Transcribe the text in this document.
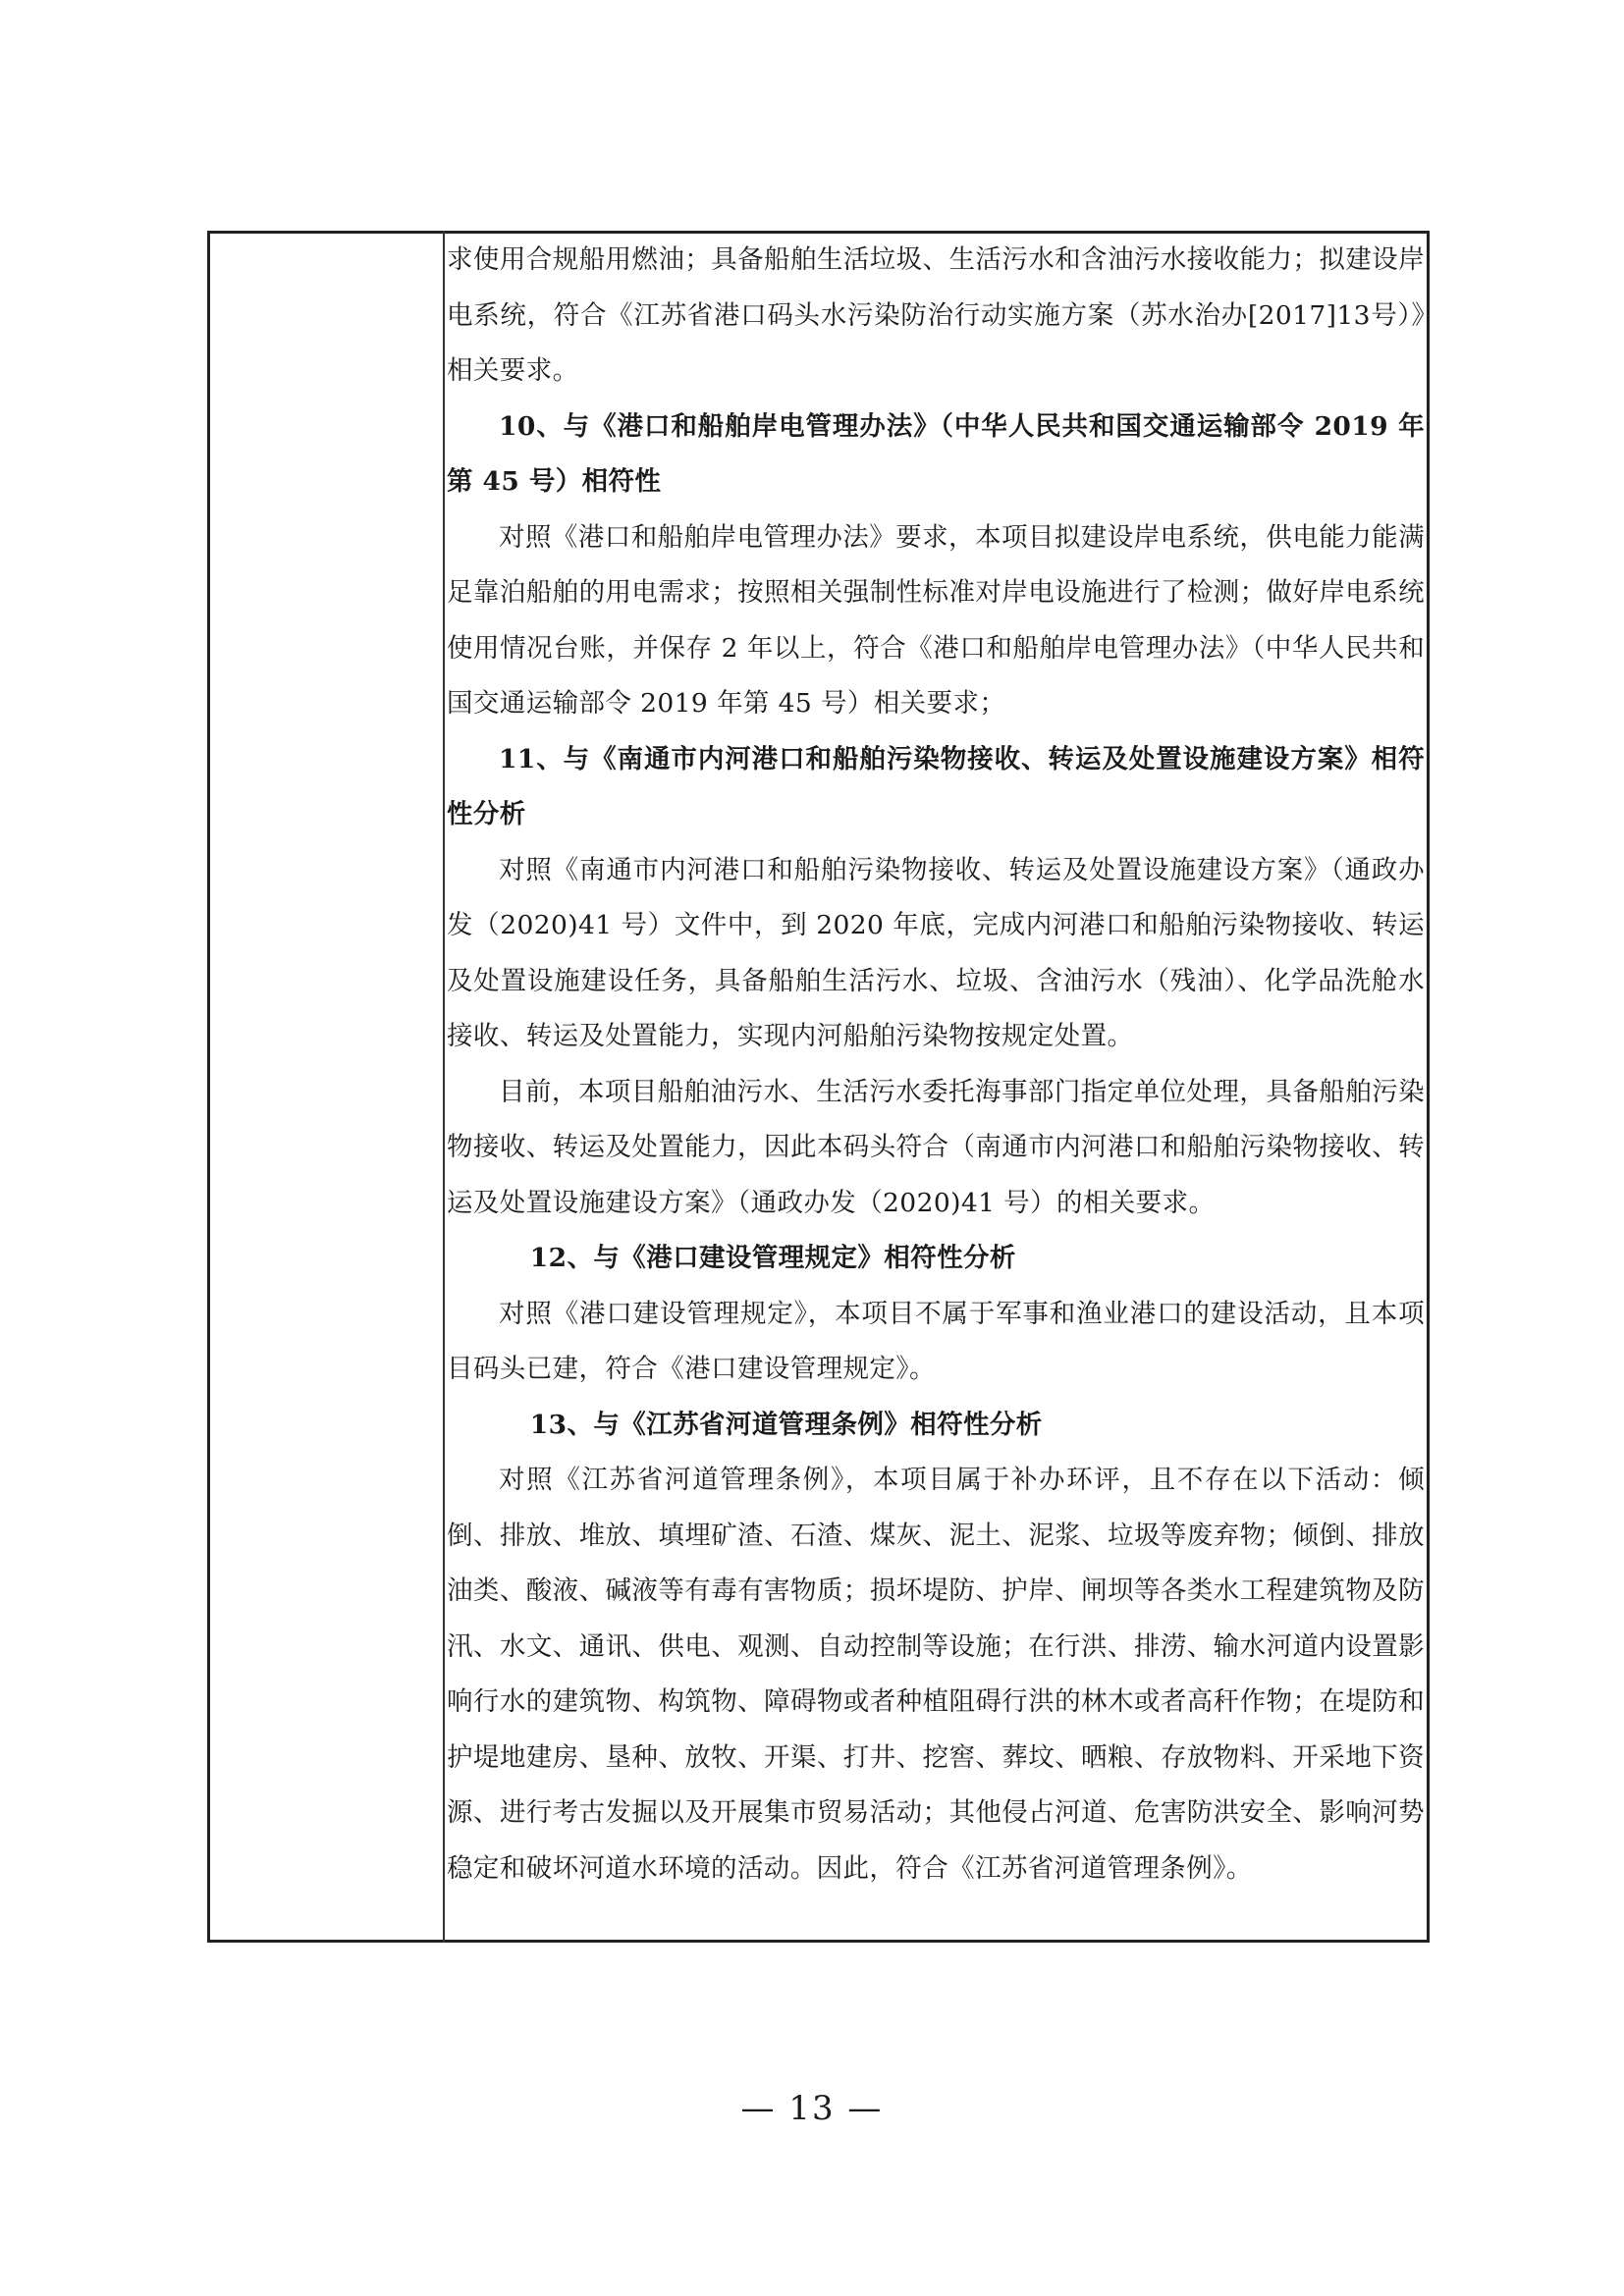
求使用合规船用燃油；具备船舶生活垃圾、生活污水和含油污水接收能力；拟建设岸电系统，符合《江苏省港口码头水污染防治行动实施方案（苏水治办[2017]13号）》相关要求。

10、与《港口和船舶岸电管理办法》（中华人民共和国交通运输部令 2019 年第 45 号）相符性

对照《港口和船舶岸电管理办法》要求，本项目拟建设岸电系统，供电能力能满足靠泊船舶的用电需求；按照相关强制性标准对岸电设施进行了检测；做好岸电系统使用情况台账，并保存 2 年以上，符合《港口和船舶岸电管理办法》（中华人民共和国交通运输部令 2019 年第 45 号）相关要求；

11、与《南通市内河港口和船舶污染物接收、转运及处置设施建设方案》相符性分析

对照《南通市内河港口和船舶污染物接收、转运及处置设施建设方案》（通政办发（2020)41 号）文件中，到 2020 年底，完成内河港口和船舶污染物接收、转运及处置设施建设任务，具备船舶生活污水、垃圾、含油污水（残油）、化学品洗舱水接收、转运及处置能力，实现内河船舶污染物按规定处置。

目前，本项目船舶油污水、生活污水委托海事部门指定单位处理，具备船舶污染物接收、转运及处置能力，因此本码头符合（南通市内河港口和船舶污染物接收、转运及处置设施建设方案》（通政办发（2020)41 号）的相关要求。

12、与《港口建设管理规定》相符性分析

对照《港口建设管理规定》，本项目不属于军事和渔业港口的建设活动，且本项目码头已建，符合《港口建设管理规定》。

13、与《江苏省河道管理条例》相符性分析

对照《江苏省河道管理条例》，本项目属于补办环评，且不存在以下活动：倾倒、排放、堆放、填埋矿渣、石渣、煤灰、泥土、泥浆、垃圾等废弃物；倾倒、排放油类、酸液、碱液等有毒有害物质；损坏堤防、护岸、闸坝等各类水工程建筑物及防汛、水文、通讯、供电、观测、自动控制等设施；在行洪、排涝、输水河道内设置影响行水的建筑物、构筑物、障碍物或者种植阻碍行洪的林木或者高秆作物；在堤防和护堤地建房、垦种、放牧、开渠、打井、挖窖、葬坟、晒粮、存放物料、开采地下资源、进行考古发掘以及开展集市贸易活动；其他侵占河道、危害防洪安全、影响河势稳定和破坏河道水环境的活动。因此，符合《江苏省河道管理条例》。

— 13 —
